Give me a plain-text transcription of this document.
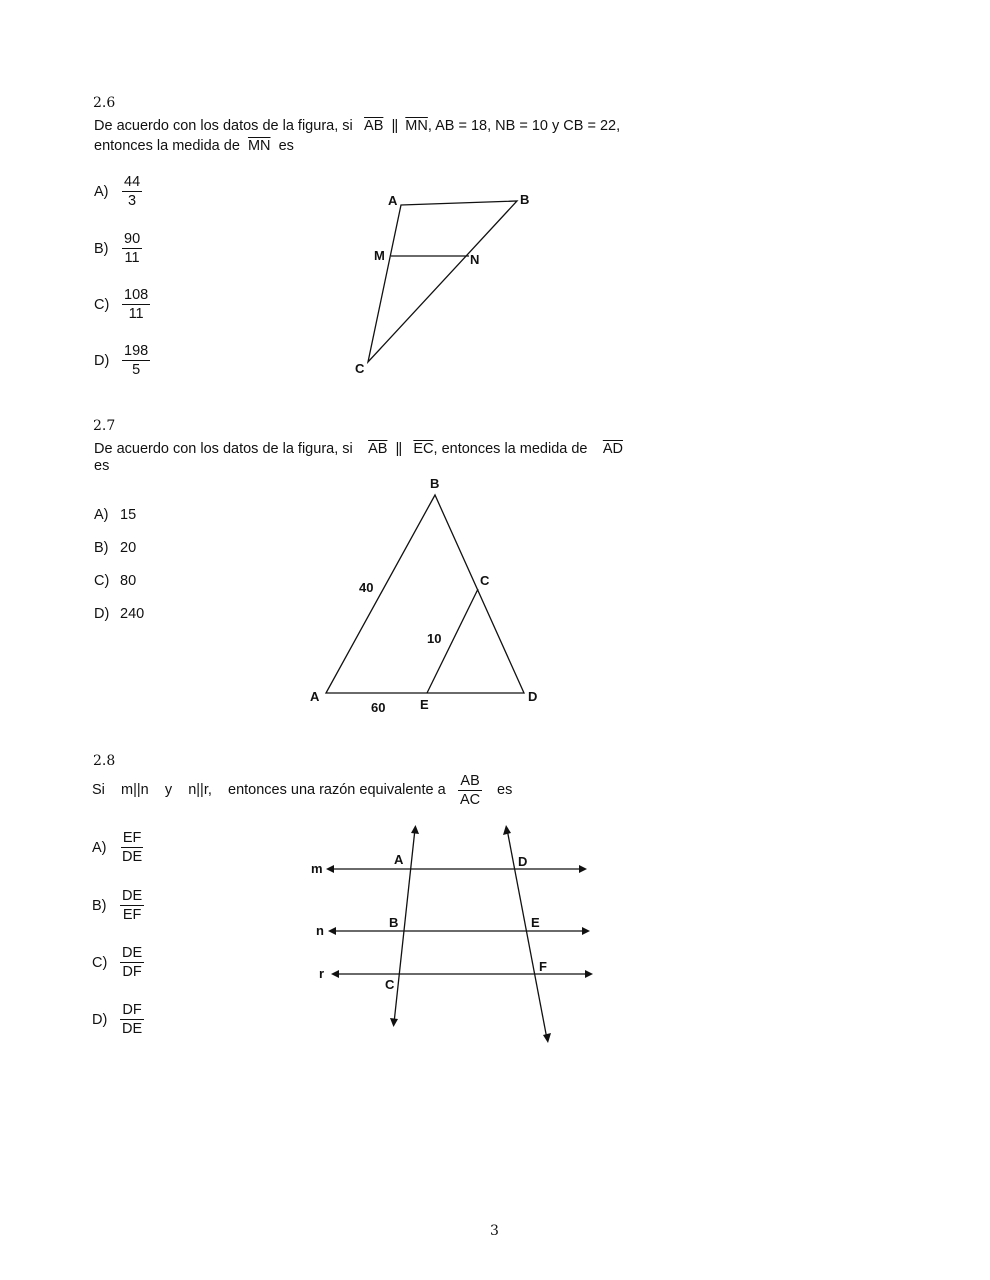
2.6
De acuerdo con los datos de la figura, si $\overline{AB}$ || $\overline{MN}$, AB = 18, NB = 10 y CB = 22,
entonces la medida de $\overline{MN}$ es
$A) \frac{44}{3}$
$B) \frac{90}{11}$
$C) \frac{108}{11}$
$D) \frac{198}{5}$
A	B
M	N
C
B
C
A
E
D
40
10
60
m
n
r
A	D
B	E
C
F
2.7
De acuerdo con los datos de la figura, si $\overline{AB}$ || $\overline{EC}$, entonces la medida de $\overline{AD}$
es
A) 15
B) 20
C) 80
D) 240
2.8
Si m||n y n||r, entonces una razón equivalente a $\frac{AB}{AC}$ es
$A) \frac{EF}{DE}$
$B) \frac{DE}{EF}$
$C) \frac{DE}{DF}$
$D) \frac{DF}{DE}$
3
